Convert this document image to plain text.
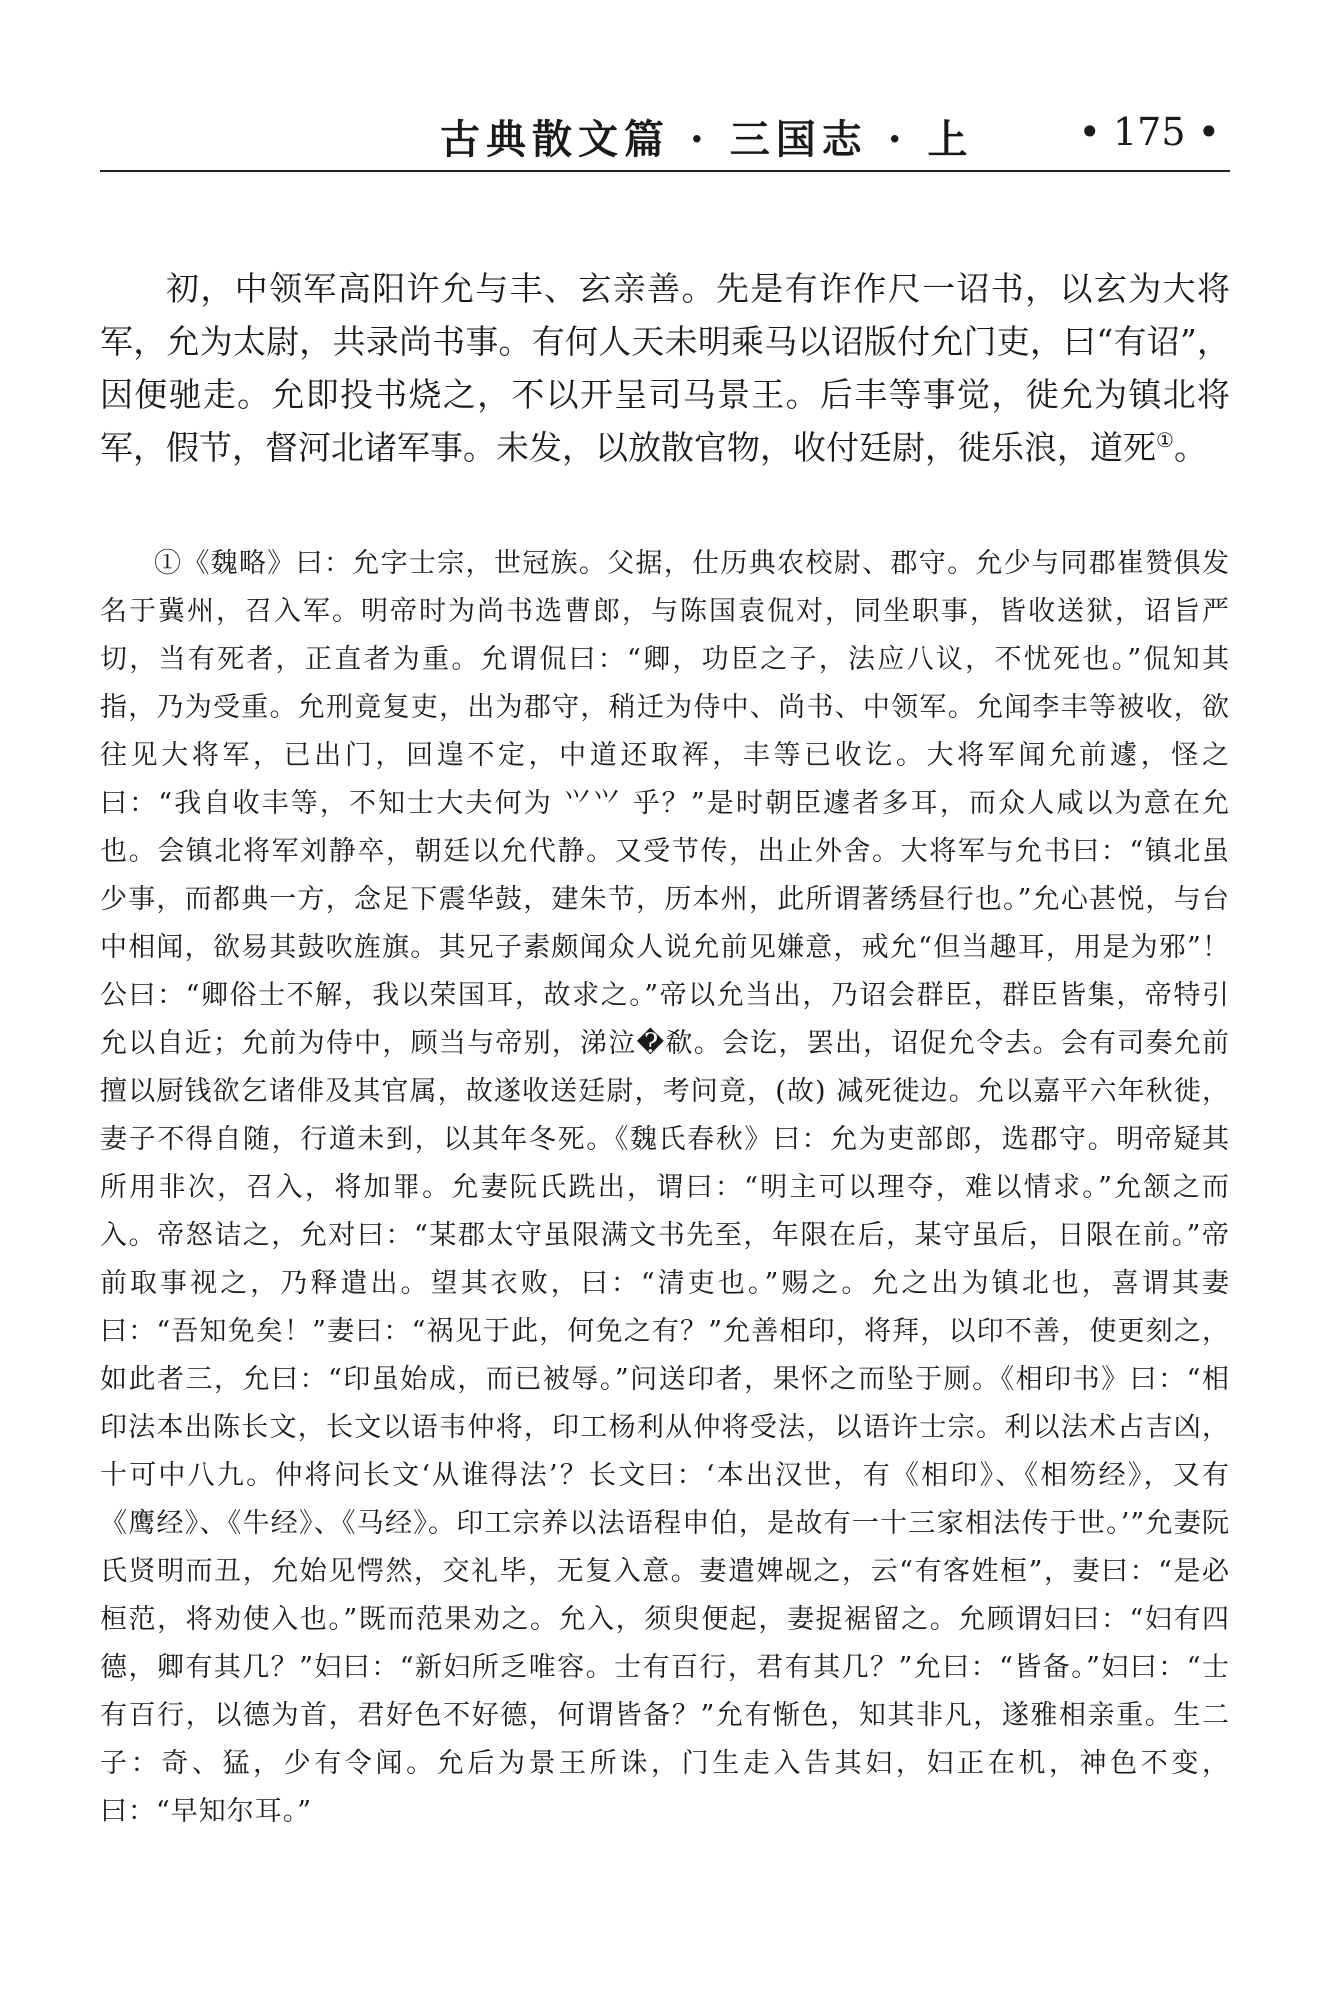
古典散文篇 · 三国志 · 上	• 175 •

初，中领军高阳许允与丰、玄亲善。先是有诈作尺一诏书，以玄为大将军，允为太尉，共录尚书事。有何人天未明乘马以诏版付允门吏，曰“有诏”，因便驰走。允即投书烧之，不以开呈司马景王。后丰等事觉，徙允为镇北将军，假节，督河北诸军事。未发，以放散官物，收付廷尉，徙乐浪，道死①。

①《魏略》曰：允字士宗，世冠族。父据，仕历典农校尉、郡守。允少与同郡崔赞俱发名于冀州，召入军。明帝时为尚书选曹郎，与陈国袁侃对，同坐职事，皆收送狱，诏旨严切，当有死者，正直者为重。允谓侃曰：“卿，功臣之子，法应八议，不忧死也。”侃知其指，乃为受重。允刑竟复吏，出为郡守，稍迁为侍中、尚书、中领军。允闻李丰等被收，欲往见大将军，已出门，回遑不定，中道还取裈，丰等已收讫。大将军闻允前遽，怪之曰：“我自收丰等，不知士大夫何为 ⺍⺍ 乎？”是时朝臣遽者多耳，而众人咸以为意在允也。会镇北将军刘静卒，朝廷以允代静。又受节传，出止外舍。大将军与允书曰：“镇北虽少事，而都典一方，念足下震华鼓，建朱节，历本州，此所谓著绣昼行也。”允心甚悦，与台中相闻，欲易其鼓吹旌旗。其兄子素颇闻众人说允前见嫌意，戒允“但当趣耳，用是为邪”！公曰：“卿俗士不解，我以荣国耳，故求之。”帝以允当出，乃诏会群臣，群臣皆集，帝特引允以自近；允前为侍中，顾当与帝别，涕泣�欷。会讫，罢出，诏促允令去。会有司奏允前擅以厨钱欲乞诸俳及其官属，故遂收送廷尉，考问竟，(故) 减死徙边。允以嘉平六年秋徙，妻子不得自随，行道未到，以其年冬死。《魏氏春秋》曰：允为吏部郎，选郡守。明帝疑其所用非次，召入，将加罪。允妻阮氏跣出，谓曰：“明主可以理夺，难以情求。”允颔之而入。帝怒诘之，允对曰：“某郡太守虽限满文书先至，年限在后，某守虽后，日限在前。”帝前取事视之，乃释遣出。望其衣败，曰：“清吏也。”赐之。允之出为镇北也，喜谓其妻曰：“吾知免矣！”妻曰：“祸见于此，何免之有？”允善相印，将拜，以印不善，使更刻之，如此者三，允曰：“印虽始成，而已被辱。”问送印者，果怀之而坠于厕。《相印书》曰：“相印法本出陈长文，长文以语韦仲将，印工杨利从仲将受法，以语许士宗。利以法术占吉凶，十可中八九。仲将问长文‘从谁得法’？长文曰：‘本出汉世，有《相印》、《相笏经》，又有《鹰经》、《牛经》、《马经》。印工宗养以法语程申伯，是故有一十三家相法传于世。’”允妻阮氏贤明而丑，允始见愕然，交礼毕，无复入意。妻遣婢觇之，云“有客姓桓”，妻曰：“是必桓范，将劝使入也。”既而范果劝之。允入，须臾便起，妻捉裾留之。允顾谓妇曰：“妇有四德，卿有其几？”妇曰：“新妇所乏唯容。士有百行，君有其几？”允曰：“皆备。”妇曰：“士有百行，以德为首，君好色不好德，何谓皆备？”允有惭色，知其非凡，遂雅相亲重。生二子：奇、猛，少有令闻。允后为景王所诛，门生走入告其妇，妇正在机，神色不变，曰：“早知尔耳。”
